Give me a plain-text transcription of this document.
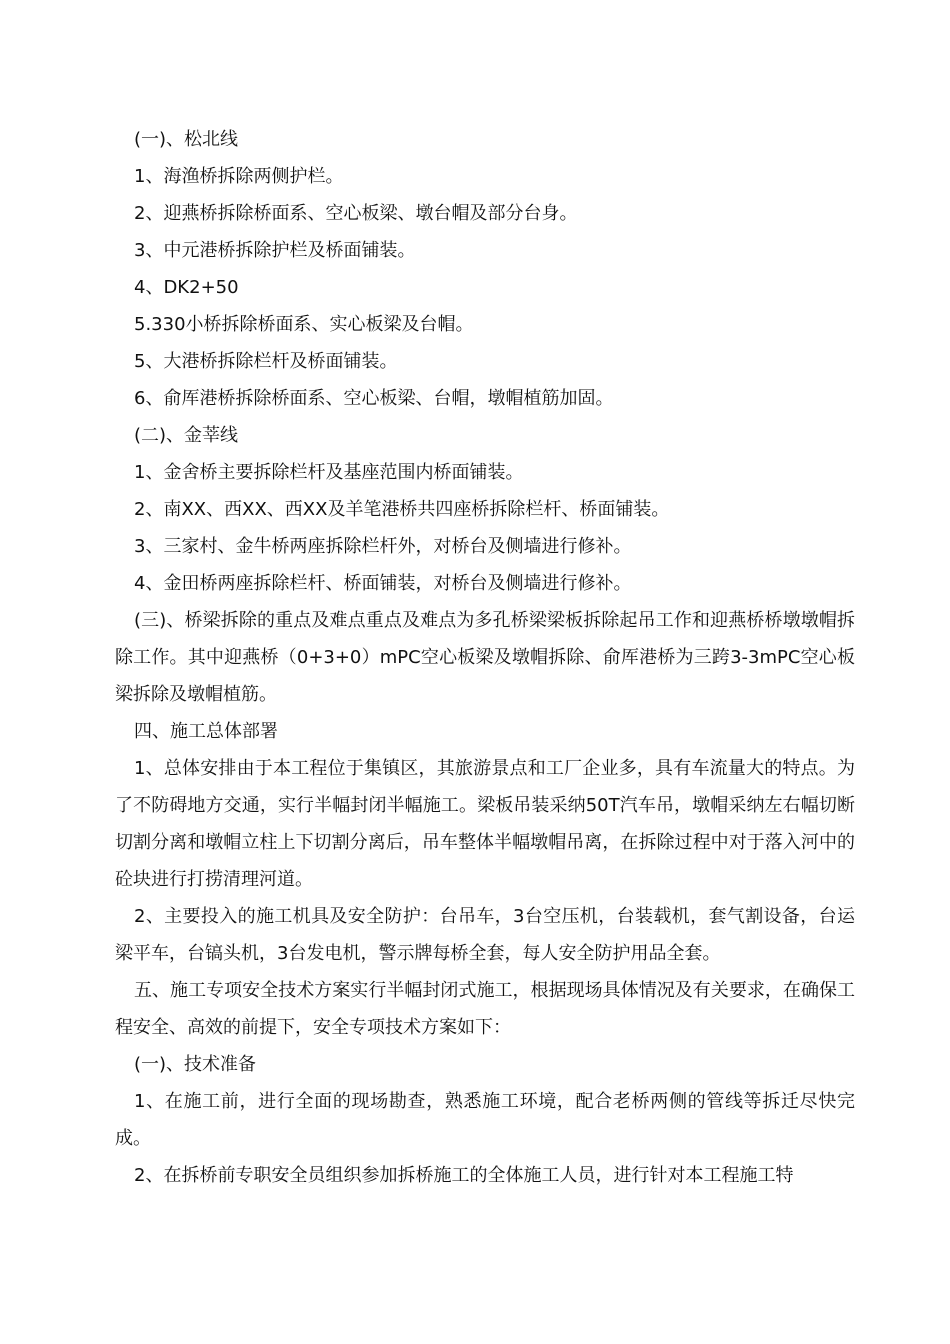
(一)、松北线

1、海渔桥拆除两侧护栏。

2、迎燕桥拆除桥面系、空心板梁、墩台帽及部分台身。

3、中元港桥拆除护栏及桥面铺装。

4、DK2+50

5.330小桥拆除桥面系、实心板梁及台帽。

5、大港桥拆除栏杆及桥面铺装。

6、俞厍港桥拆除桥面系、空心板梁、台帽，墩帽植筋加固。

(二)、金莘线

1、金舍桥主要拆除栏杆及基座范围内桥面铺装。

2、南XX、西XX、西XX及羊笔港桥共四座桥拆除栏杆、桥面铺装。

3、三家村、金牛桥两座拆除栏杆外，对桥台及侧墙进行修补。

4、金田桥两座拆除栏杆、桥面铺装，对桥台及侧墙进行修补。

(三)、桥梁拆除的重点及难点重点及难点为多孔桥梁梁板拆除起吊工作和迎燕桥桥墩墩帽拆除工作。其中迎燕桥（0+3+0）mPC空心板梁及墩帽拆除、俞厍港桥为三跨3-3mPC空心板梁拆除及墩帽植筋。

四、施工总体部署

1、总体安排由于本工程位于集镇区，其旅游景点和工厂企业多，具有车流量大的特点。为了不防碍地方交通，实行半幅封闭半幅施工。梁板吊装采纳50T汽车吊，墩帽采纳左右幅切断切割分离和墩帽立柱上下切割分离后，吊车整体半幅墩帽吊离，在拆除过程中对于落入河中的砼块进行打捞清理河道。

2、主要投入的施工机具及安全防护：台吊车，3台空压机，台装载机，套气割设备，台运梁平车，台镐头机，3台发电机，警示牌每桥全套，每人安全防护用品全套。

五、施工专项安全技术方案实行半幅封闭式施工，根据现场具体情况及有关要求，在确保工程安全、高效的前提下，安全专项技术方案如下：

(一)、技术准备

1、在施工前，进行全面的现场勘查，熟悉施工环境，配合老桥两侧的管线等拆迁尽快完成。

2、在拆桥前专职安全员组织参加拆桥施工的全体施工人员，进行针对本工程施工特
